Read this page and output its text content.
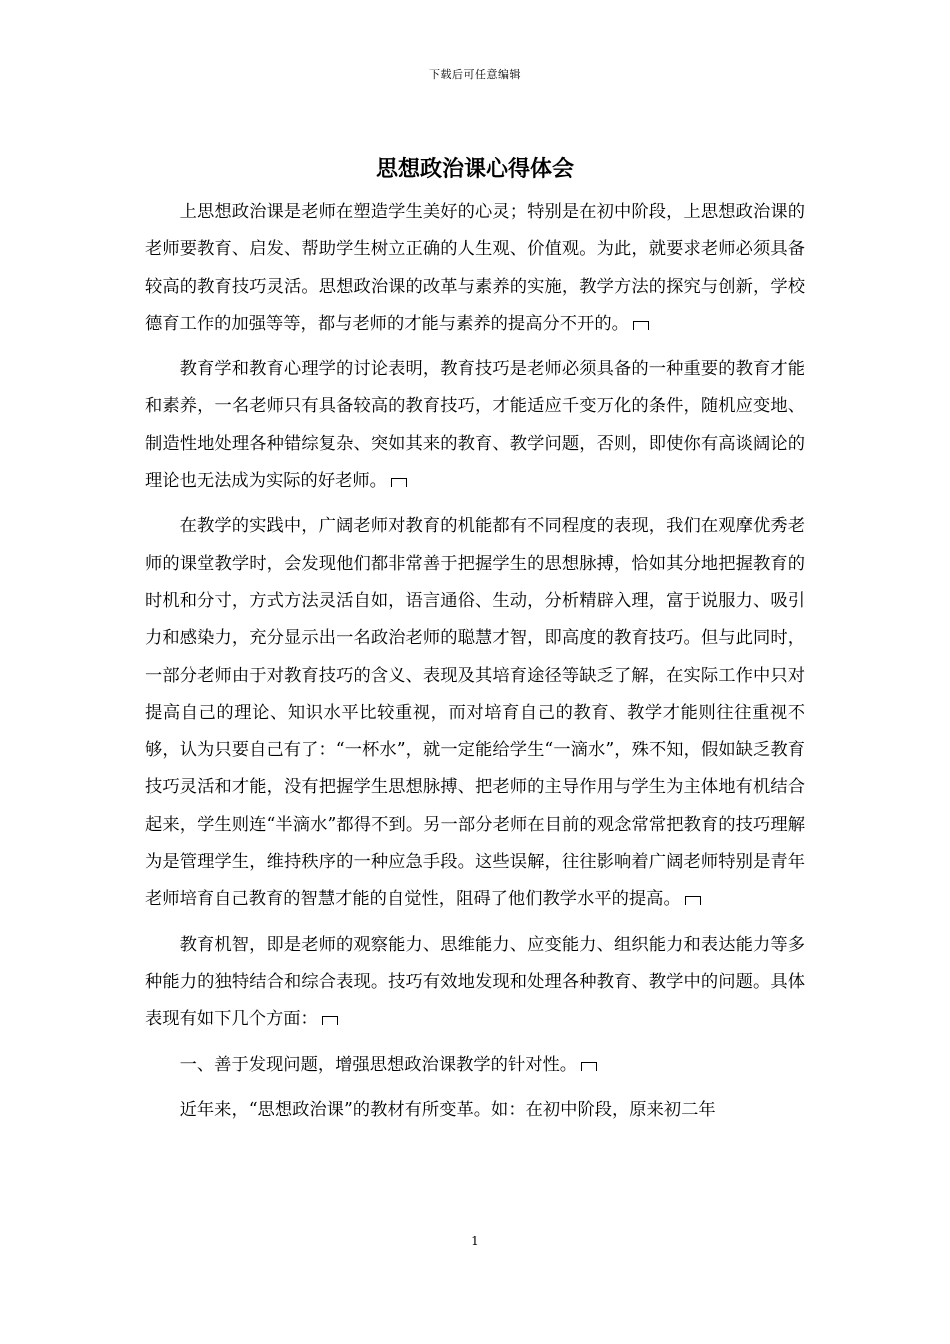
下载后可任意编辑
思想政治课心得体会

上思想政治课是老师在塑造学生美好的心灵；特别是在初中阶段，上思想政治课的老师要教育、启发、帮助学生树立正确的人生观、价值观。为此，就要求老师必须具备较高的教育技巧灵活。思想政治课的改革与素养的实施，教学方法的探究与创新，学校德育工作的加强等等，都与老师的才能与素养的提高分不开的。

教育学和教育心理学的讨论表明，教育技巧是老师必须具备的一种重要的教育才能和素养，一名老师只有具备较高的教育技巧，才能适应千变万化的条件，随机应变地、制造性地处理各种错综复杂、突如其来的教育、教学问题，否则，即使你有高谈阔论的理论也无法成为实际的好老师。

在教学的实践中，广阔老师对教育的机能都有不同程度的表现，我们在观摩优秀老师的课堂教学时，会发现他们都非常善于把握学生的思想脉搏，恰如其分地把握教育的时机和分寸，方式方法灵活自如，语言通俗、生动，分析精辟入理，富于说服力、吸引力和感染力，充分显示出一名政治老师的聪慧才智，即高度的教育技巧。但与此同时，一部分老师由于对教育技巧的含义、表现及其培育途径等缺乏了解，在实际工作中只对提高自己的理论、知识水平比较重视，而对培育自己的教育、教学才能则往往重视不够，认为只要自己有了：“一杯水”，就一定能给学生“一滴水”，殊不知，假如缺乏教育技巧灵活和才能，没有把握学生思想脉搏、把老师的主导作用与学生为主体地有机结合起来，学生则连“半滴水”都得不到。另一部分老师在目前的观念常常把教育的技巧理解为是管理学生，维持秩序的一种应急手段。这些误解，往往影响着广阔老师特别是青年老师培育自己教育的智慧才能的自觉性，阻碍了他们教学水平的提高。

教育机智，即是老师的观察能力、思维能力、应变能力、组织能力和表达能力等多种能力的独特结合和综合表现。技巧有效地发现和处理各种教育、教学中的问题。具体表现有如下几个方面：

一、善于发现问题，增强思想政治课教学的针对性。

近年来，“思想政治课”的教材有所变革。如：在初中阶段，原来初二年

1
